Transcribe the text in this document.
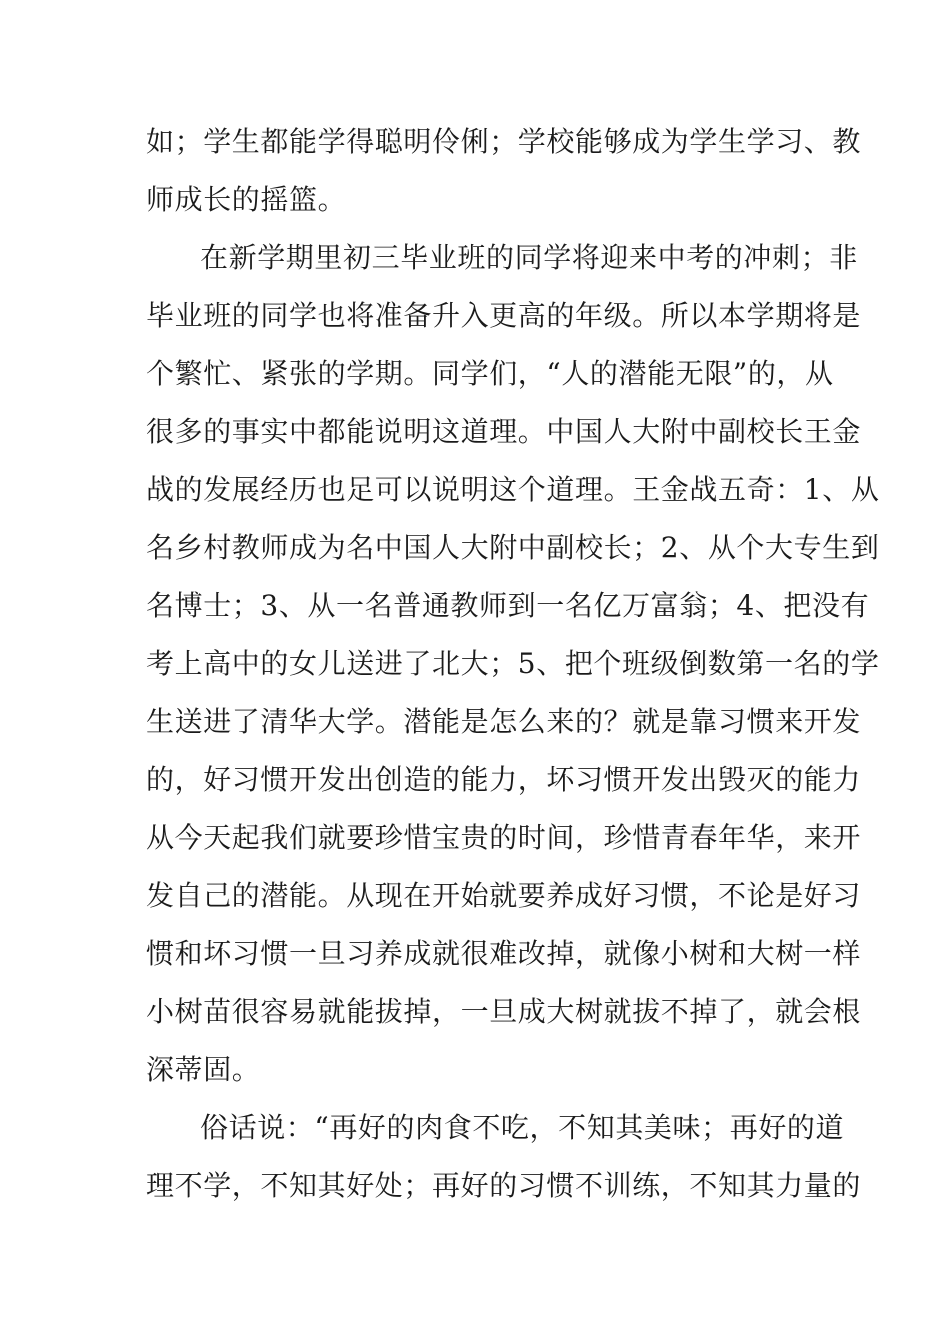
如；学生都能学得聪明伶俐；学校能够成为学生学习、教
师成长的摇篮。
在新学期里初三毕业班的同学将迎来中考的冲刺；非
毕业班的同学也将准备升入更高的年级。所以本学期将是
个繁忙、紧张的学期。同学们，“人的潜能无限”的，从
很多的事实中都能说明这道理。中国人大附中副校长王金
战的发展经历也足可以说明这个道理。王金战五奇：1、从
名乡村教师成为名中国人大附中副校长；2、从个大专生到
名博士；3、从一名普通教师到一名亿万富翁；4、把没有
考上高中的女儿送进了北大；5、把个班级倒数第一名的学
生送进了清华大学。潜能是怎么来的？就是靠习惯来开发
的，好习惯开发出创造的能力，坏习惯开发出毁灭的能力
从今天起我们就要珍惜宝贵的时间，珍惜青春年华，来开
发自己的潜能。从现在开始就要养成好习惯，不论是好习
惯和坏习惯一旦习养成就很难改掉，就像小树和大树一样
小树苗很容易就能拔掉，一旦成大树就拔不掉了，就会根
深蒂固。
俗话说：“再好的肉食不吃，不知其美味；再好的道
理不学，不知其好处；再好的习惯不训练，不知其力量的
